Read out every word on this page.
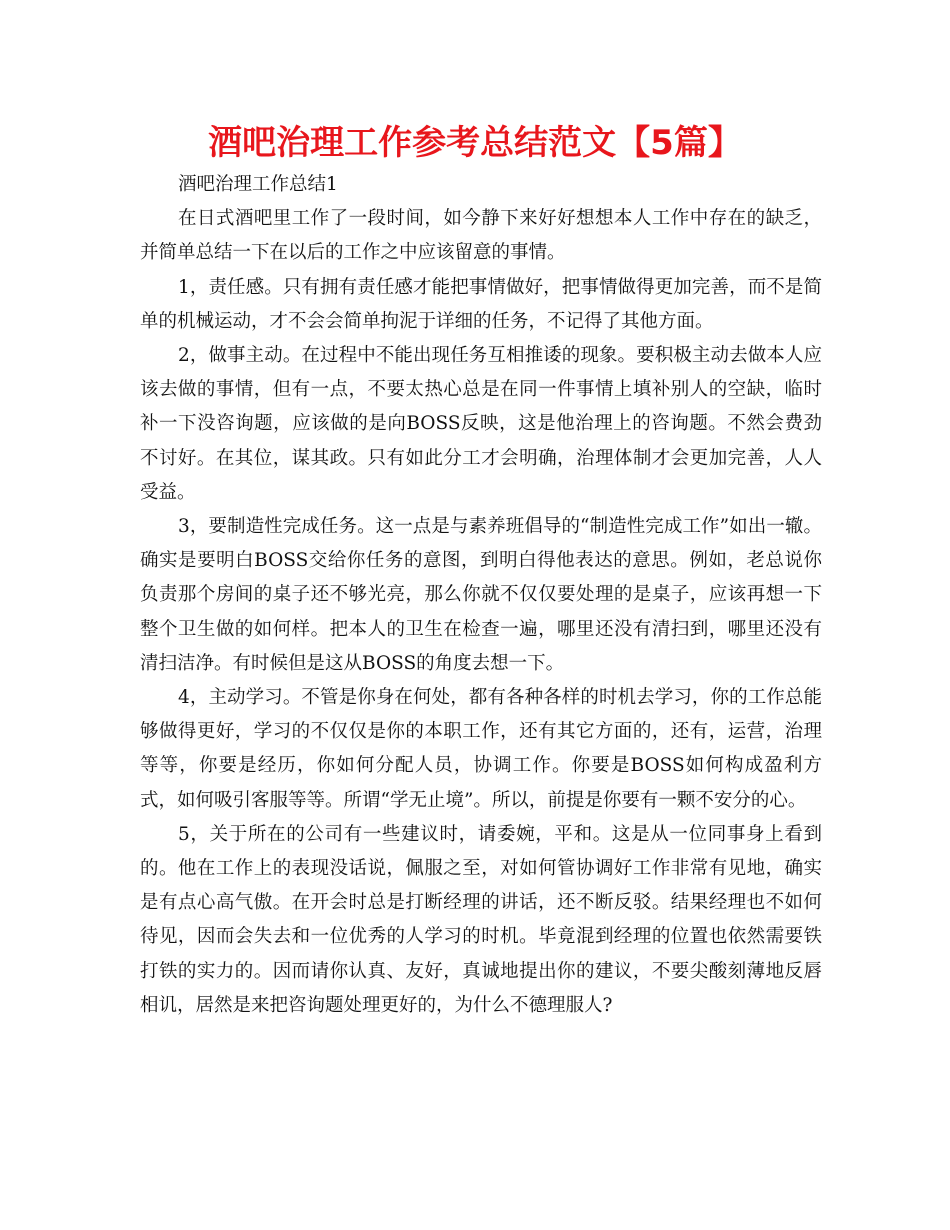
酒吧治理工作参考总结范文【5篇】

酒吧治理工作总结1

在日式酒吧里工作了一段时间，如今静下来好好想想本人工作中存在的缺乏，并简单总结一下在以后的工作之中应该留意的事情。

1，责任感。只有拥有责任感才能把事情做好，把事情做得更加完善，而不是简单的机械运动，才不会会简单拘泥于详细的任务，不记得了其他方面。

2，做事主动。在过程中不能出现任务互相推诿的现象。要积极主动去做本人应该去做的事情，但有一点，不要太热心总是在同一件事情上填补别人的空缺，临时补一下没咨询题，应该做的是向BOSS反映，这是他治理上的咨询题。不然会费劲不讨好。在其位，谋其政。只有如此分工才会明确，治理体制才会更加完善，人人受益。

3，要制造性完成任务。这一点是与素养班倡导的“制造性完成工作”如出一辙。确实是要明白BOSS交给你任务的意图，到明白得他表达的意思。例如，老总说你负责那个房间的桌子还不够光亮，那么你就不仅仅要处理的是桌子，应该再想一下整个卫生做的如何样。把本人的卫生在检查一遍，哪里还没有清扫到，哪里还没有清扫洁净。有时候但是这从BOSS的角度去想一下。

4，主动学习。不管是你身在何处，都有各种各样的时机去学习，你的工作总能够做得更好，学习的不仅仅是你的本职工作，还有其它方面的，还有，运营，治理等等，你要是经历，你如何分配人员，协调工作。你要是BOSS如何构成盈利方式，如何吸引客服等等。所谓“学无止境”。所以，前提是你要有一颗不安分的心。

5，关于所在的公司有一些建议时，请委婉，平和。这是从一位同事身上看到的。他在工作上的表现没话说，佩服之至，对如何管协调好工作非常有见地，确实是有点心高气傲。在开会时总是打断经理的讲话，还不断反驳。结果经理也不如何待见，因而会失去和一位优秀的人学习的时机。毕竟混到经理的位置也依然需要铁打铁的实力的。因而请你认真、友好，真诚地提出你的建议，不要尖酸刻薄地反唇相讥，居然是来把咨询题处理更好的，为什么不德理服人?
